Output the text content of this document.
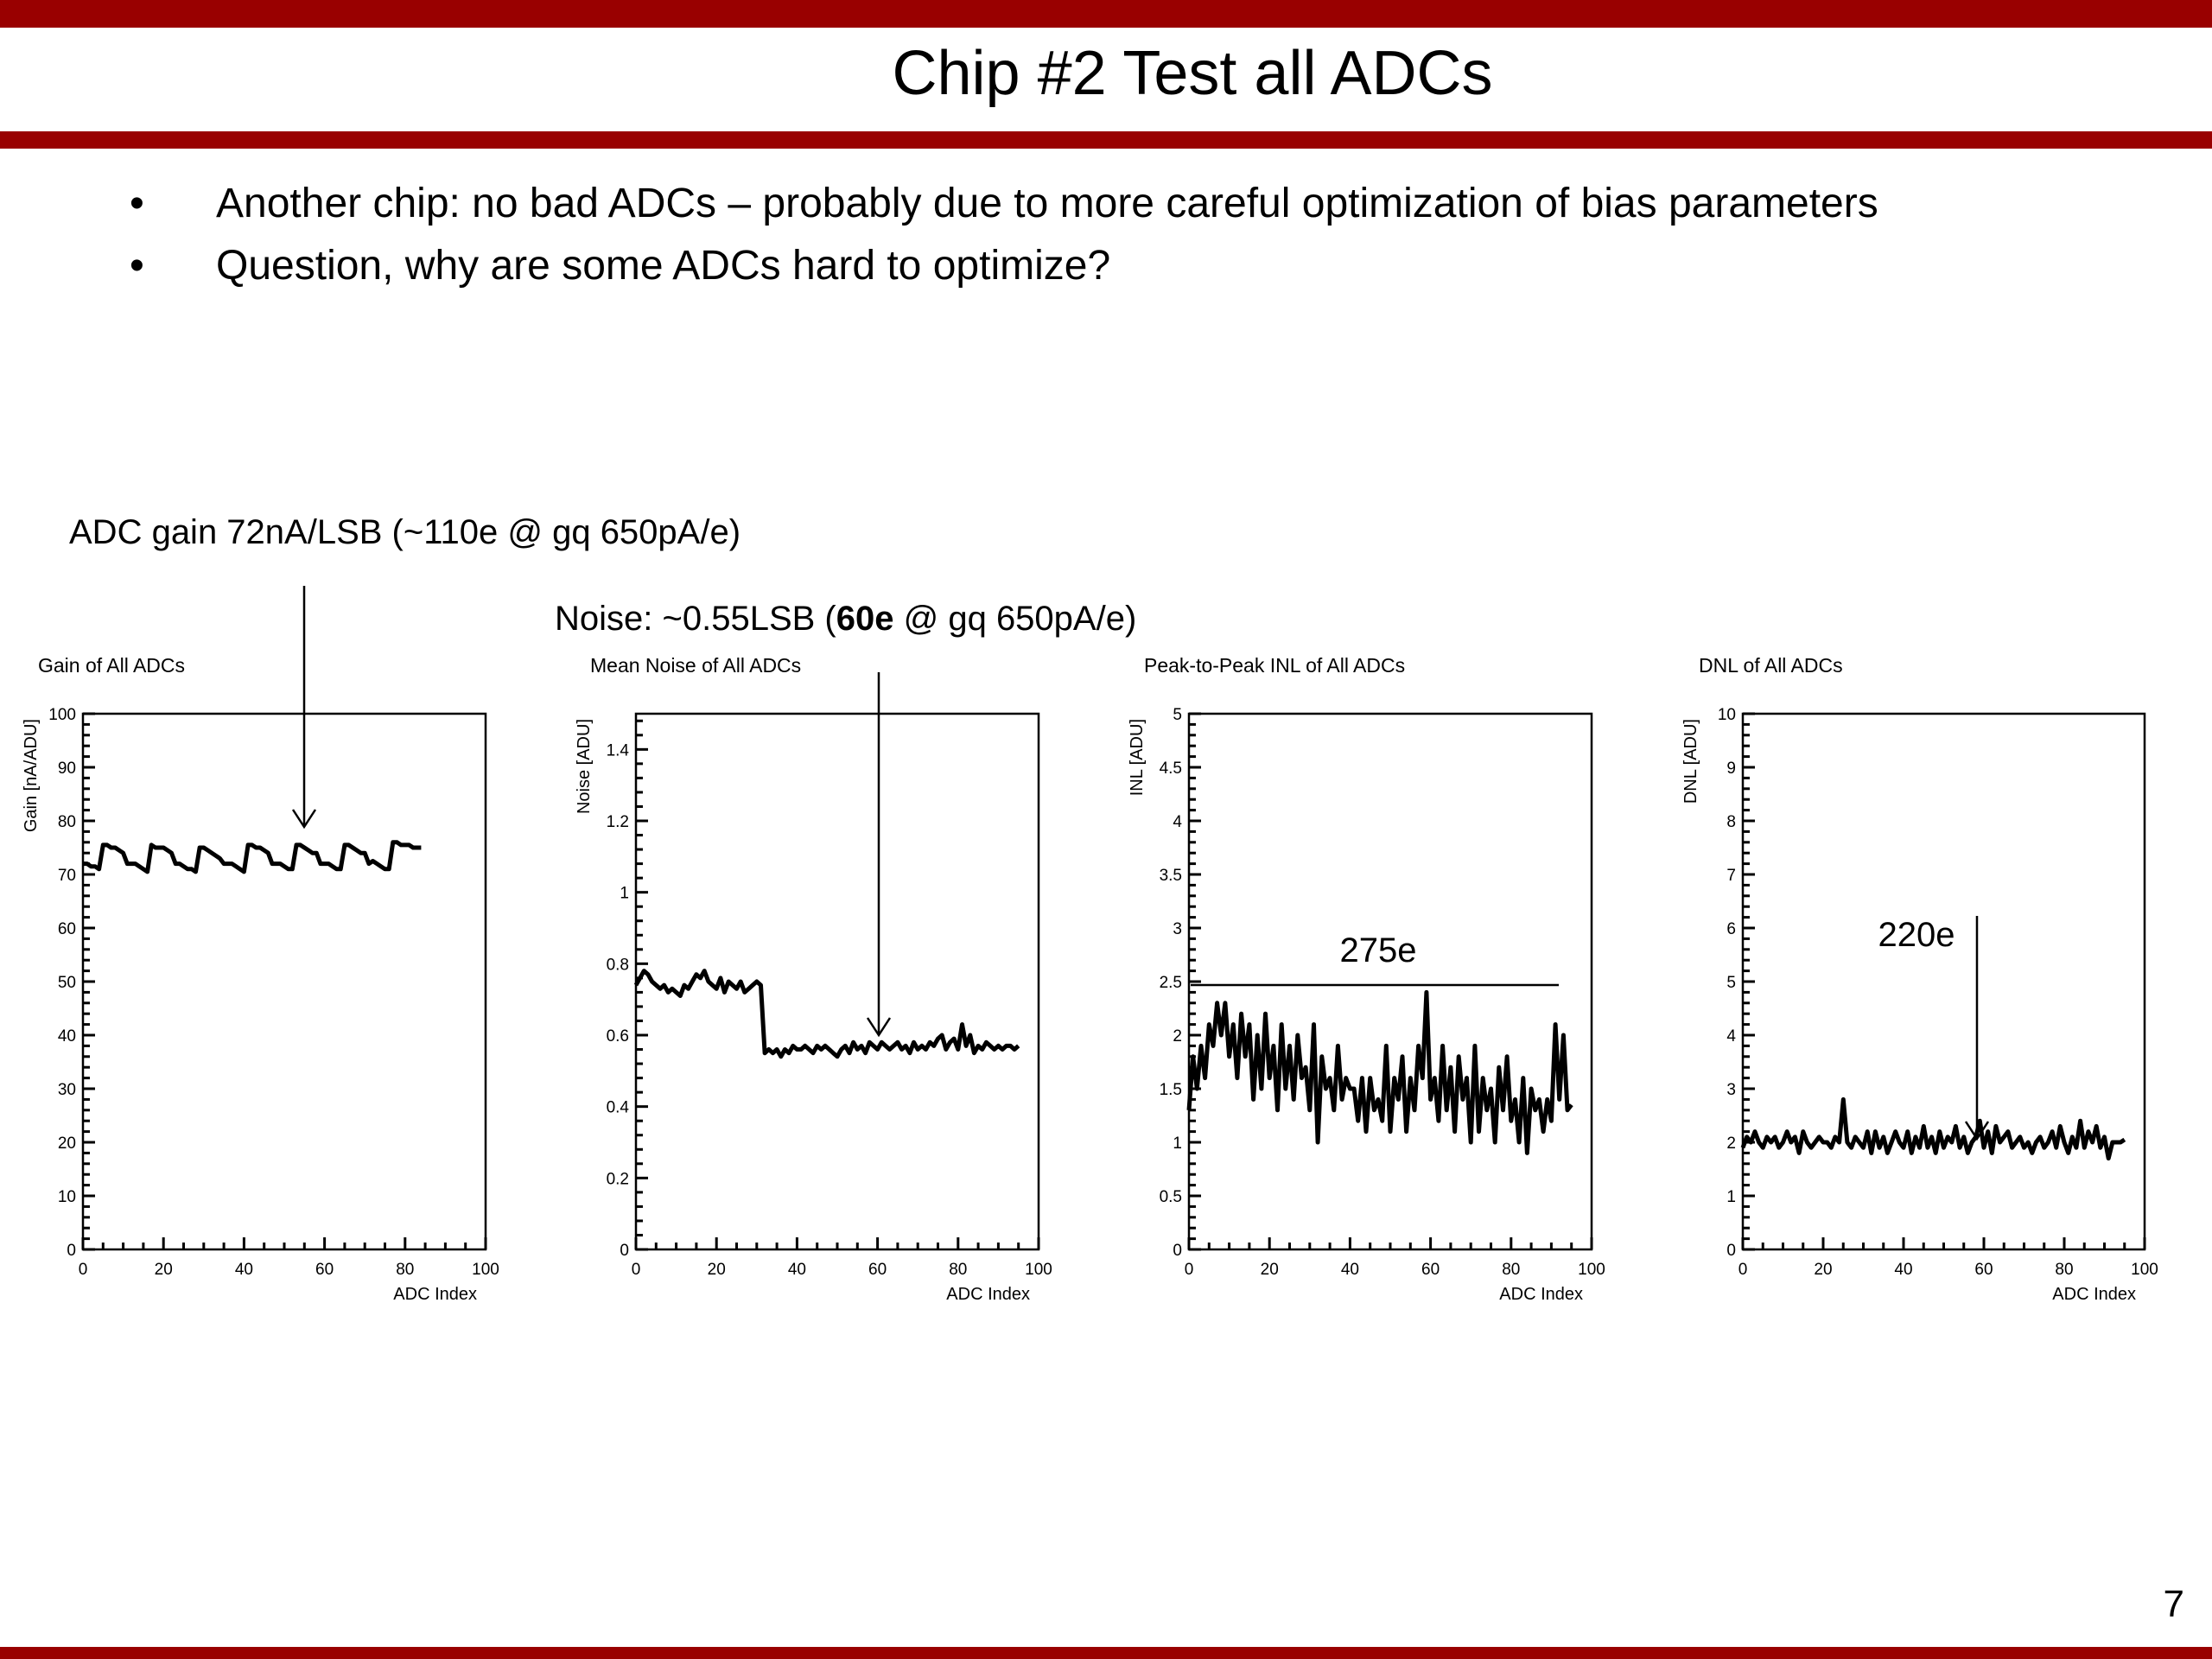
Chip #2 Test all ADCs
• Another chip: no bad ADCs – probably due to more careful optimization of bias parameters
• Question, why are some ADCs hard to optimize?
ADC gain 72nA/LSB (~110e @ gq 650pA/e)
Noise: ~0.55LSB (60e @ gq 650pA/e)
Gain of All ADCs
0	20	40	60	80	100
0
10
20
30
40
50
60
70
80
90
100
ADC Index
Gain [nA/ADU]
Mean Noise of All ADCs
0	20	40	60	80	100
0
0.2
0.4
0.6
0.8
1
1.2
1.4
ADC Index
Noise [ADU]
Peak-to-Peak INL of All ADCs
0	20	40	60	80	100
0
0.5
1
1.5
2
2.5
3
3.5
4
4.5
5
ADC Index
INL [ADU]
DNL of All ADCs
0	20	40	60	80	100
0
1
2
3
4
5
6
7
8
9
10
ADC Index
DNL [ADU]
275e	220e
7
